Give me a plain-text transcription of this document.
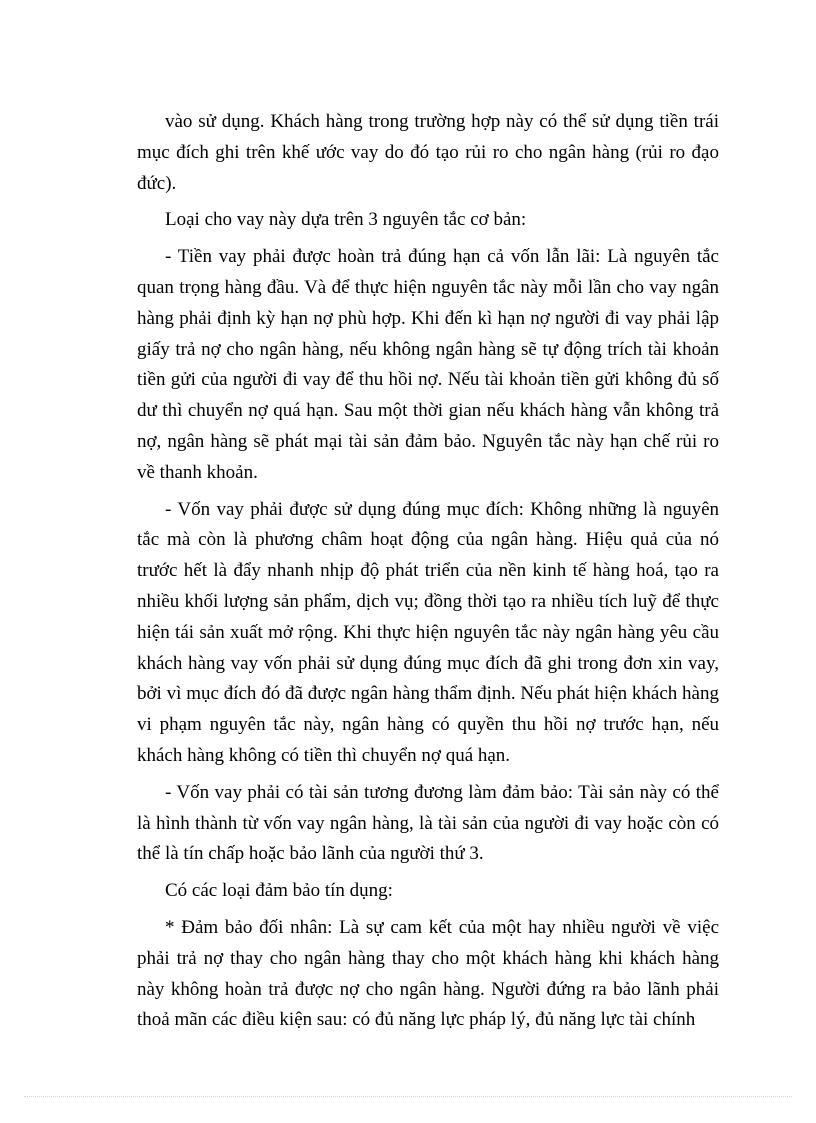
vào sử dụng. Khách hàng trong trường hợp này có thể sử dụng tiền trái mục đích ghi trên khế ước vay do đó tạo rủi ro cho ngân hàng (rủi ro đạo đức).

Loại cho vay này dựa trên 3 nguyên tắc cơ bản:

- Tiền vay phải được hoàn trả đúng hạn cả vốn lẫn lãi: Là nguyên tắc quan trọng hàng đầu. Và để thực hiện nguyên tắc này mỗi lần cho vay ngân hàng phải định kỳ hạn nợ phù hợp. Khi đến kì hạn nợ người đi vay phải lập giấy trả nợ cho ngân hàng, nếu không ngân hàng sẽ tự động trích tài khoản tiền gửi của người đi vay để thu hồi nợ. Nếu tài khoản tiền gửi không đủ số dư thì chuyển nợ quá hạn. Sau một thời gian nếu khách hàng vẫn không trả nợ, ngân hàng sẽ phát mại tài sản đảm bảo. Nguyên tắc này hạn chế rủi ro về thanh khoản.

- Vốn vay phải được sử dụng đúng mục đích: Không những là nguyên tắc mà còn là phương châm hoạt động của ngân hàng. Hiệu quả của nó trước hết là đẩy nhanh nhịp độ phát triển của nền kinh tế hàng hoá, tạo ra nhiều khối lượng sản phẩm, dịch vụ; đồng thời tạo ra nhiều tích luỹ để thực hiện tái sản xuất mở rộng. Khi thực hiện nguyên tắc này ngân hàng yêu cầu khách hàng vay vốn phải sử dụng đúng mục đích đã ghi trong đơn xin vay, bởi vì mục đích đó đã được ngân hàng thẩm định. Nếu phát hiện khách hàng vi phạm nguyên tắc này, ngân hàng có quyền thu hồi nợ trước hạn, nếu khách hàng không có tiền thì chuyển nợ quá hạn.

- Vốn vay phải có tài sản tương đương làm đảm bảo: Tài sản này có thể là hình thành từ vốn vay ngân hàng, là tài sản của người đi vay hoặc còn có thể là tín chấp hoặc bảo lãnh của người thứ 3.

Có các loại đảm bảo tín dụng:

* Đảm bảo đối nhân: Là sự cam kết của một hay nhiều người về việc phải trả nợ thay cho ngân hàng thay cho một khách hàng khi khách hàng này không hoàn trả được nợ cho ngân hàng. Người đứng ra bảo lãnh phải thoả mãn các điều kiện sau: có đủ năng lực pháp lý, đủ năng lực tài chính
